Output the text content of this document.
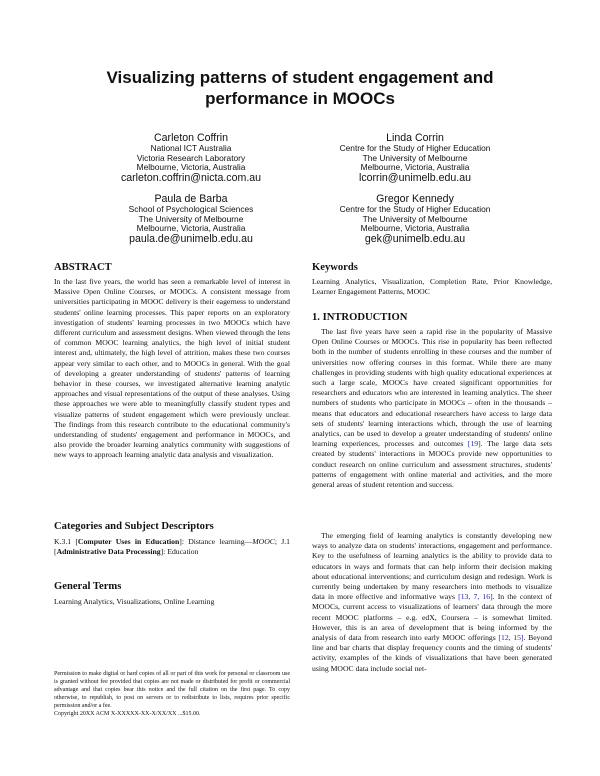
Visualizing patterns of student engagement and performance in MOOCs
Carleton Coffrin
National ICT Australia
Victoria Research Laboratory
Melbourne, Victoria, Australia
carleton.coffrin@nicta.com.au
Linda Corrin
Centre for the Study of Higher Education
The University of Melbourne
Melbourne, Victoria, Australia
lcorrin@unimelb.edu.au
Paula de Barba
School of Psychological Sciences
The University of Melbourne
Melbourne, Victoria, Australia
paula.de@unimelb.edu.au
Gregor Kennedy
Centre for the Study of Higher Education
The University of Melbourne
Melbourne, Victoria, Australia
gek@unimelb.edu.au
ABSTRACT
In the last five years, the world has seen a remarkable level of interest in Massive Open Online Courses, or MOOCs. A consistent message from universities participating in MOOC delivery is their eagerness to understand students' online learning processes. This paper reports on an exploratory investigation of students' learning processes in two MOOCs which have different curriculum and assessment designs. When viewed through the lens of common MOOC learning analytics, the high level of initial student interest and, ultimately, the high level of attrition, makes these two courses appear very similar to each other, and to MOOCs in general. With the goal of developing a greater understanding of students' patterns of learning behavior in these courses, we investigated alternative learning analytic approaches and visual representations of the output of these analyses. Using these approaches we were able to meaningfully classify student types and visualize patterns of student engagement which were previously unclear. The findings from this research contribute to the educational community's understanding of students' engagement and performance in MOOCs, and also provide the broader learning analytics community with suggestions of new ways to approach learning analytic data analysis and visualization.
Categories and Subject Descriptors
K.3.1 [Computer Uses in Education]: Distance learning—MOOC; J.1 [Administrative Data Processing]: Education
General Terms
Learning Analytics, Visualizations, Online Learning
Permission to make digital or hard copies of all or part of this work for personal or classroom use is granted without fee provided that copies are not made or distributed for profit or commercial advantage and that copies bear this notice and the full citation on the first page. To copy otherwise, to republish, to post on servers or to redistribute to lists, requires prior specific permission and/or a fee.
Copyright 20XX ACM X-XXXXX-XX-X/XX/XX ...$15.00.
Keywords
Learning Analytics, Visualization, Completion Rate, Prior Knowledge, Learner Engagement Patterns, MOOC
1. INTRODUCTION
The last five years have seen a rapid rise in the popularity of Massive Open Online Courses or MOOCs. This rise in popularity has been reflected both in the number of students enrolling in these courses and the number of universities now offering courses in this format. While there are many challenges in providing students with high quality educational experiences at such a large scale, MOOCs have created significant opportunities for researchers and educators who are interested in learning analytics. The sheer numbers of students who participate in MOOCs – often in the thousands – means that educators and educational researchers have access to large data sets of students' learning interactions which, through the use of learning analytics, can be used to develop a greater understanding of students' online learning experiences, processes and outcomes [19]. The large data sets created by students' interactions in MOOCs provide new opportunities to conduct research on online curriculum and assessment structures, students' patterns of engagement with online material and activities, and the more general areas of student retention and success.
The emerging field of learning analytics is constantly developing new ways to analyze data on students' interactions, engagement and performance. Key to the usefulness of learning analytics is the ability to provide data to educators in ways and formats that can help inform their decision making about educational interventions; and curriculum design and redesign. Work is currently being undertaken by many researchers into methods to visualize data in more effective and informative ways [13, 7, 16]. In the context of MOOCs, current access to visualizations of learners' data through the more recent MOOC platforms – e.g. edX, Coursera – is somewhat limited. However, this is an area of development that is being informed by the analysis of data from research into early MOOC offerings [12, 15]. Beyond line and bar charts that display frequency counts and the timing of students' activity, examples of the kinds of visualizations that have been generated using MOOC data include social net-
